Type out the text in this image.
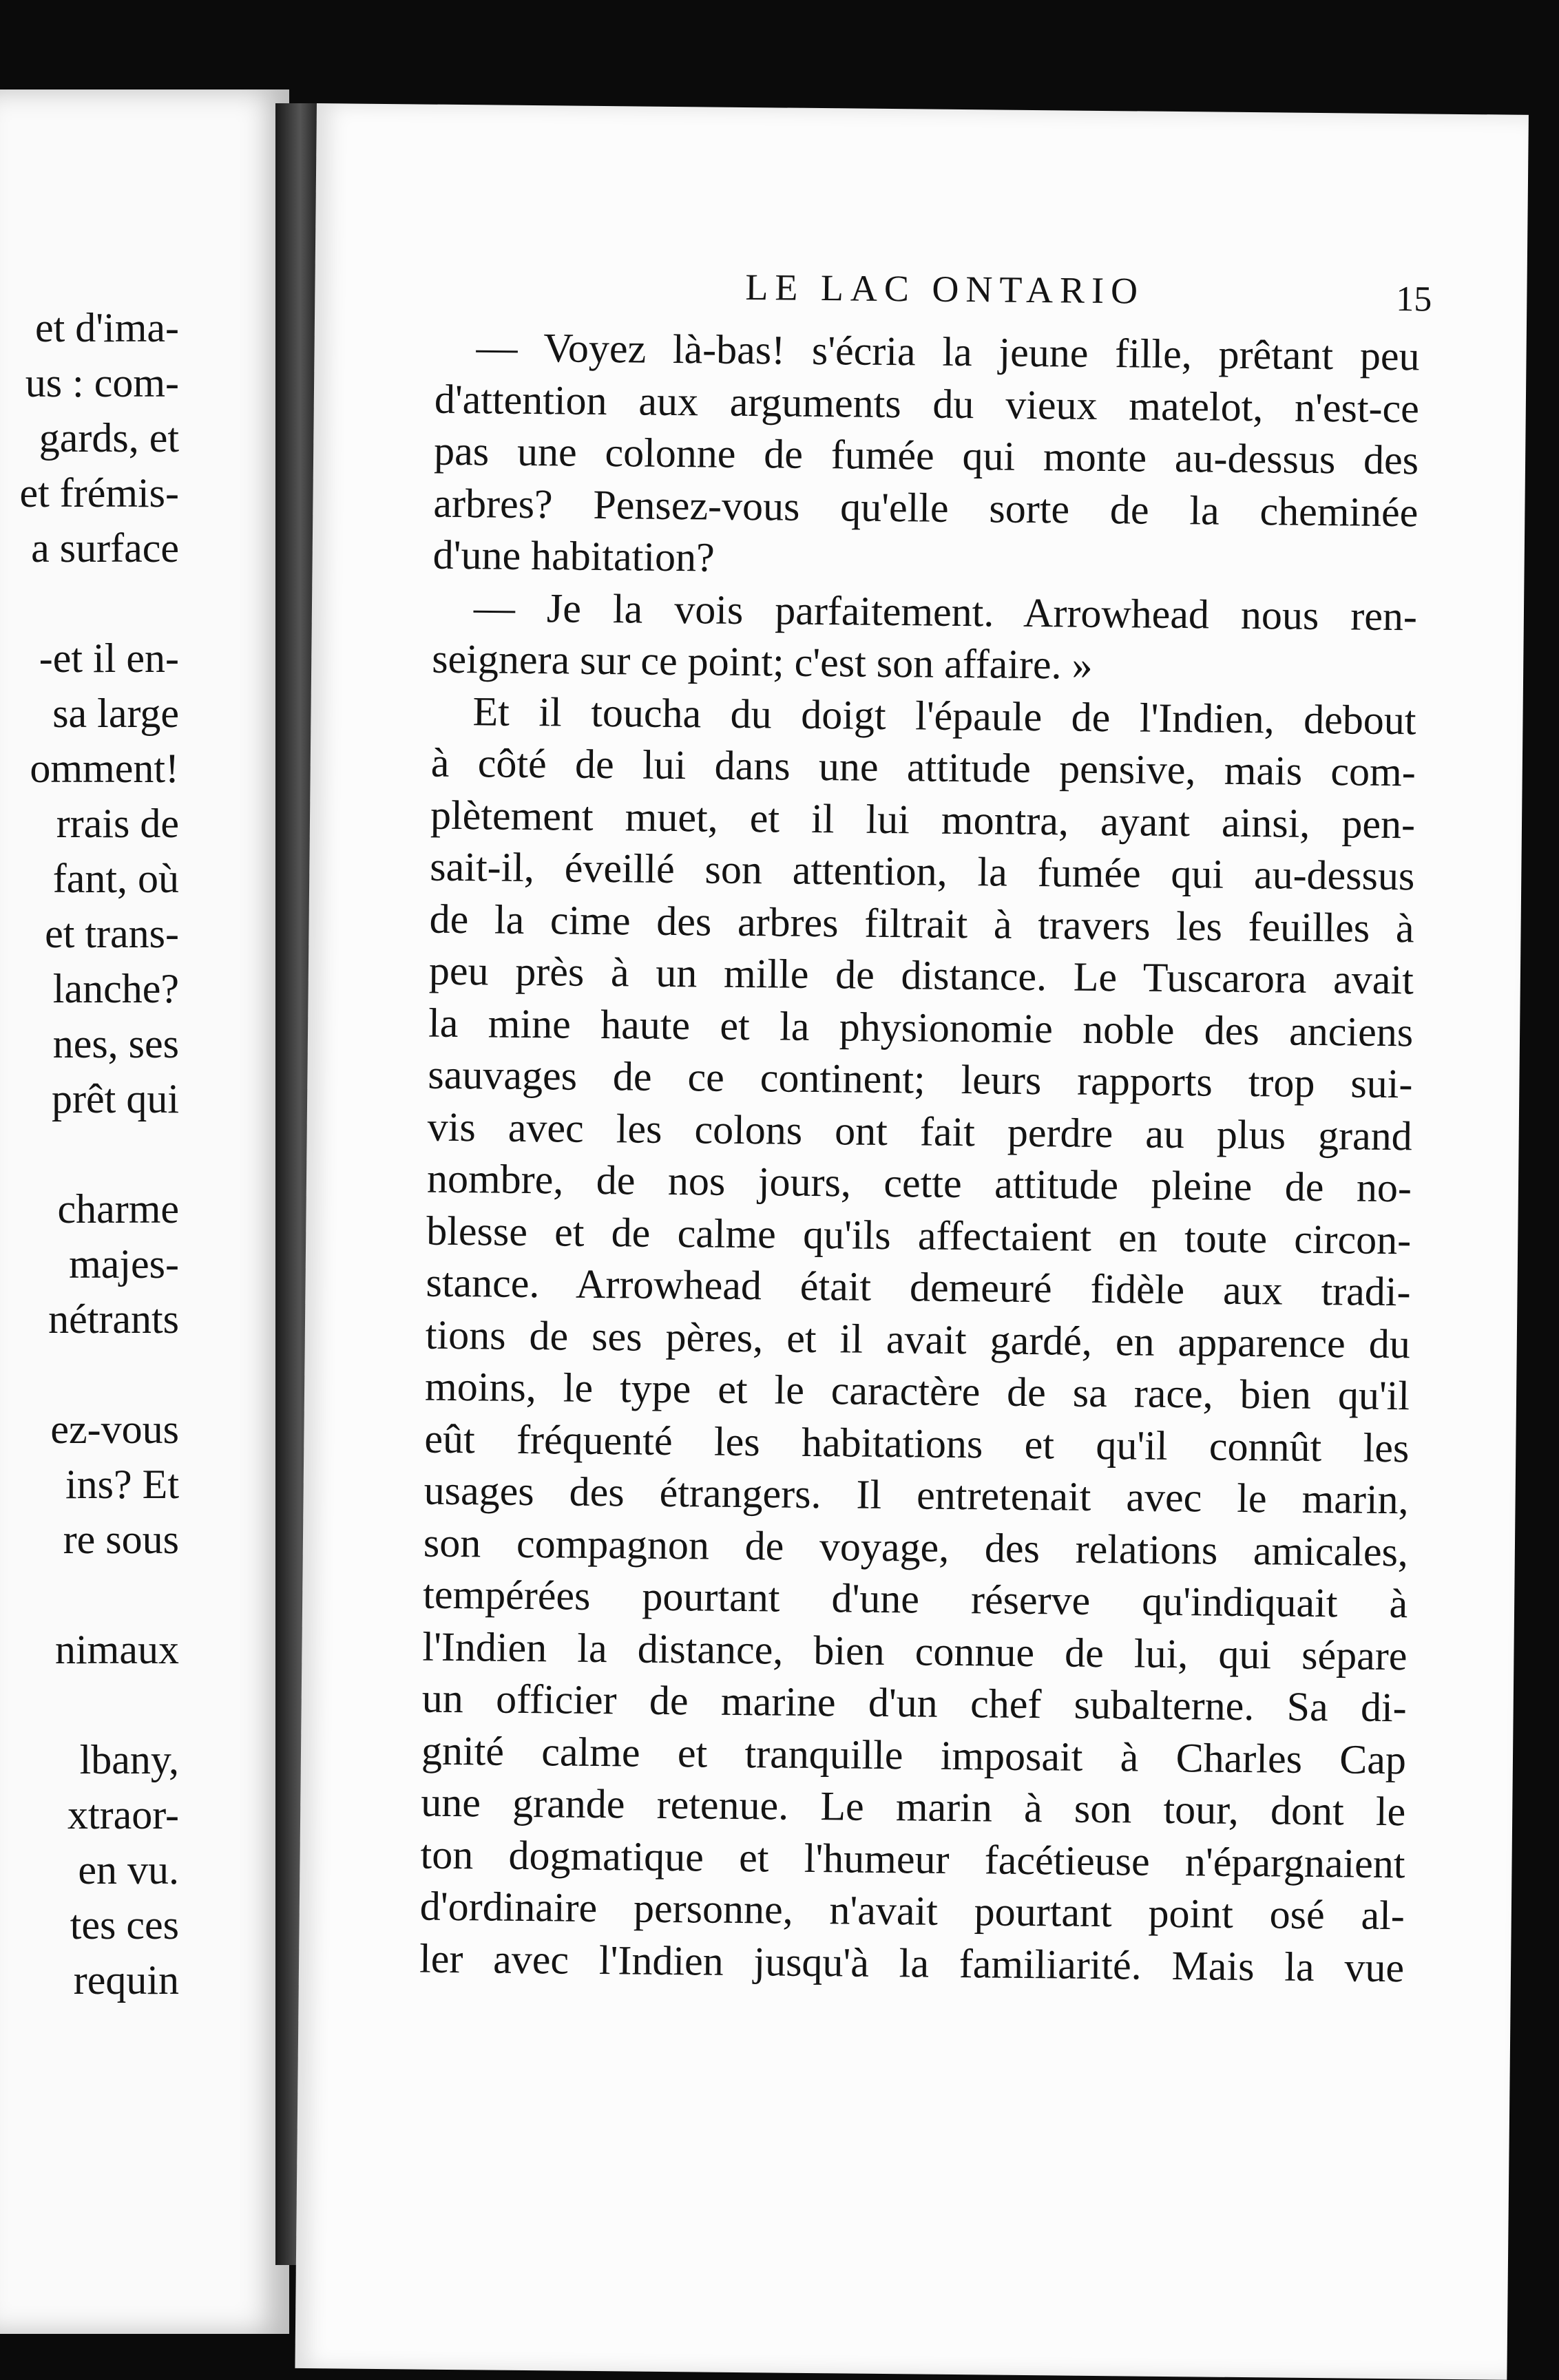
et d'ima-
us : com-
gards, et
et frémis-
a surface
-et il en-
sa large
omment!
rrais de
fant, où
et trans-
lanche?
nes, ses
prêt qui
charme
majes-
nétrants
ez-vous
ins? Et
re sous
nimaux
lbany,
xtraor-
en vu.
tes ces
requin
LE LAC ONTARIO	15
— Voyez là-bas! s'écria la jeune fille, prêtant peu
d'attention aux arguments du vieux matelot, n'est-ce
pas une colonne de fumée qui monte au-dessus des
arbres? Pensez-vous qu'elle sorte de la cheminée
d'une habitation?
— Je la vois parfaitement. Arrowhead nous ren-
seignera sur ce point; c'est son affaire. »
Et il toucha du doigt l'épaule de l'Indien, debout
à côté de lui dans une attitude pensive, mais com-
plètement muet, et il lui montra, ayant ainsi, pen-
sait-il, éveillé son attention, la fumée qui au-dessus
de la cime des arbres filtrait à travers les feuilles à
peu près à un mille de distance. Le Tuscarora avait
la mine haute et la physionomie noble des anciens
sauvages de ce continent; leurs rapports trop sui-
vis avec les colons ont fait perdre au plus grand
nombre, de nos jours, cette attitude pleine de no-
blesse et de calme qu'ils affectaient en toute circon-
stance. Arrowhead était demeuré fidèle aux tradi-
tions de ses pères, et il avait gardé, en apparence du
moins, le type et le caractère de sa race, bien qu'il
eût fréquenté les habitations et qu'il connût les
usages des étrangers. Il entretenait avec le marin,
son compagnon de voyage, des relations amicales,
tempérées pourtant d'une réserve qu'indiquait à
l'Indien la distance, bien connue de lui, qui sépare
un officier de marine d'un chef subalterne. Sa di-
gnité calme et tranquille imposait à Charles Cap
une grande retenue. Le marin à son tour, dont le
ton dogmatique et l'humeur facétieuse n'épargnaient
d'ordinaire personne, n'avait pourtant point osé al-
ler avec l'Indien jusqu'à la familiarité. Mais la vue
